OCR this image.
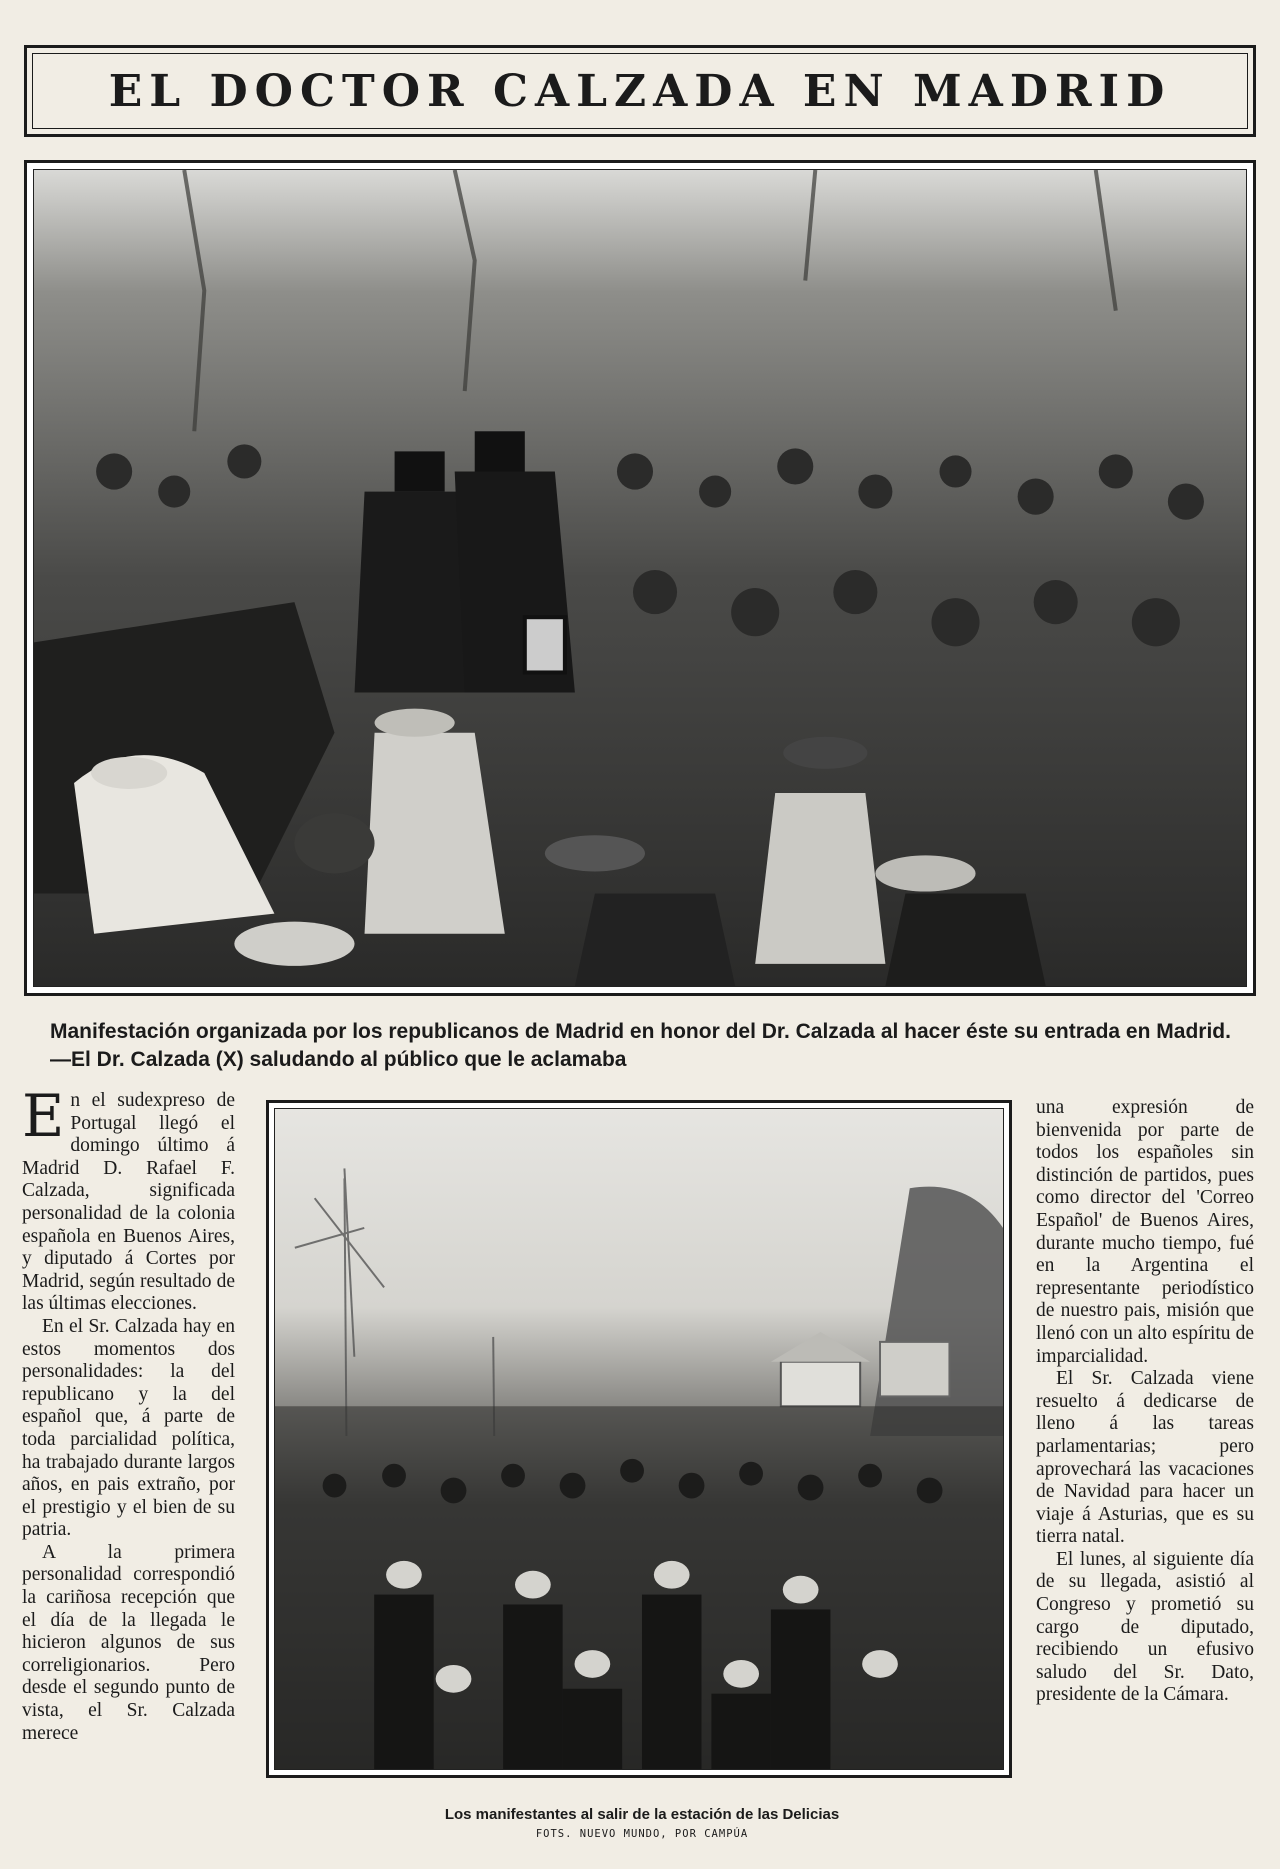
EL DOCTOR CALZADA EN MADRID
Manifestación organizada por los republicanos de Madrid en honor del Dr. Calzada al hacer éste su entrada en Madrid.—El Dr. Calzada (X) saludando al público que le aclamaba

En el sudexpreso de Portugal llegó el domingo último á Madrid D. Rafael F. Calzada, significada personalidad de la colonia española en Buenos Aires, y diputado á Cortes por Madrid, según resultado de las últimas elecciones.

En el Sr. Calzada hay en estos momentos dos personalidades: la del republicano y la del español que, á parte de toda parcialidad política, ha trabajado durante largos años, en pais extraño, por el prestigio y el bien de su patria.

A la primera personalidad correspondió la cariñosa recepción que el día de la llegada le hicieron algunos de sus correligionarios. Pero desde el segundo punto de vista, el Sr. Calzada merece

una expresión de bienvenida por parte de todos los españoles sin distinción de partidos, pues como director del 'Correo Español' de Buenos Aires, durante mucho tiempo, fué en la Argentina el representante periodístico de nuestro pais, misión que llenó con un alto espíritu de imparcialidad.

El Sr. Calzada viene resuelto á dedicarse de lleno á las tareas parlamentarias; pero aprovechará las vacaciones de Navidad para hacer un viaje á Asturias, que es su tierra natal.

El lunes, al siguiente día de su llegada, asistió al Congreso y prometió su cargo de diputado, recibiendo un efusivo saludo del Sr. Dato, presidente de la Cámara.

Los manifestantes al salir de la estación de las Delicias
FOTS. NUEVO MUNDO, POR CAMPÚA
